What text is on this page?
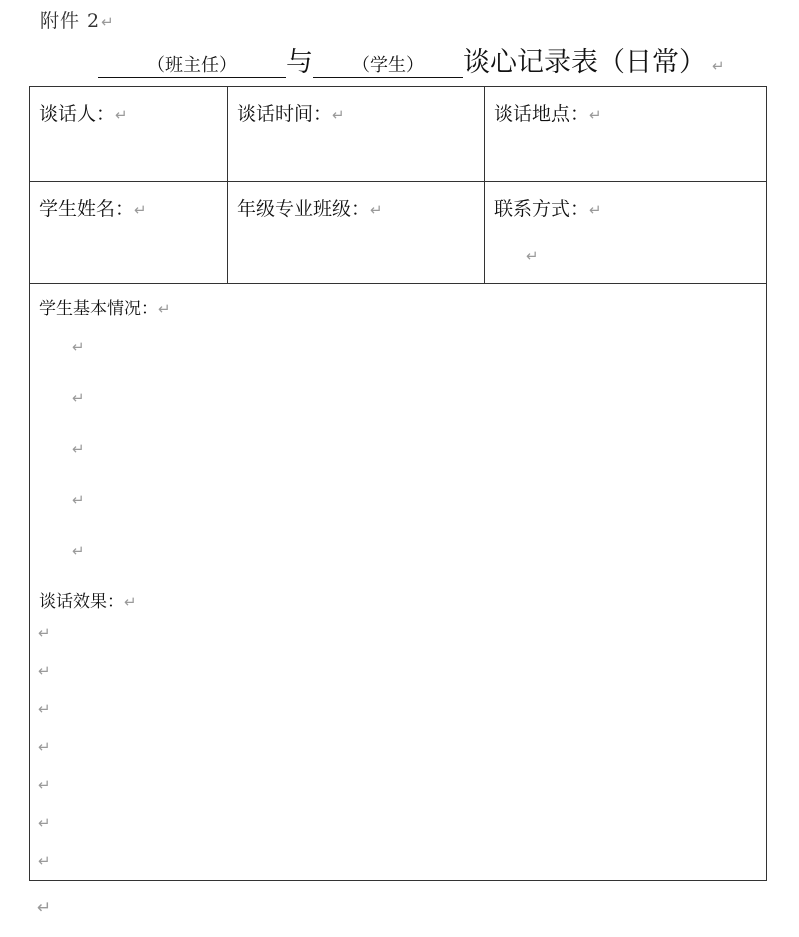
附件 2↵
（班主任） 与 （学生） 谈心记录表（日常） ↵
谈话人：↵	谈话时间：↵	谈话地点：↵
学生姓名：↵	年级专业班级：↵	联系方式：↵
↵
学生基本情况：↵
↵
↵
↵
↵
↵
谈话效果：↵
↵
↵
↵
↵
↵
↵
↵
↵
